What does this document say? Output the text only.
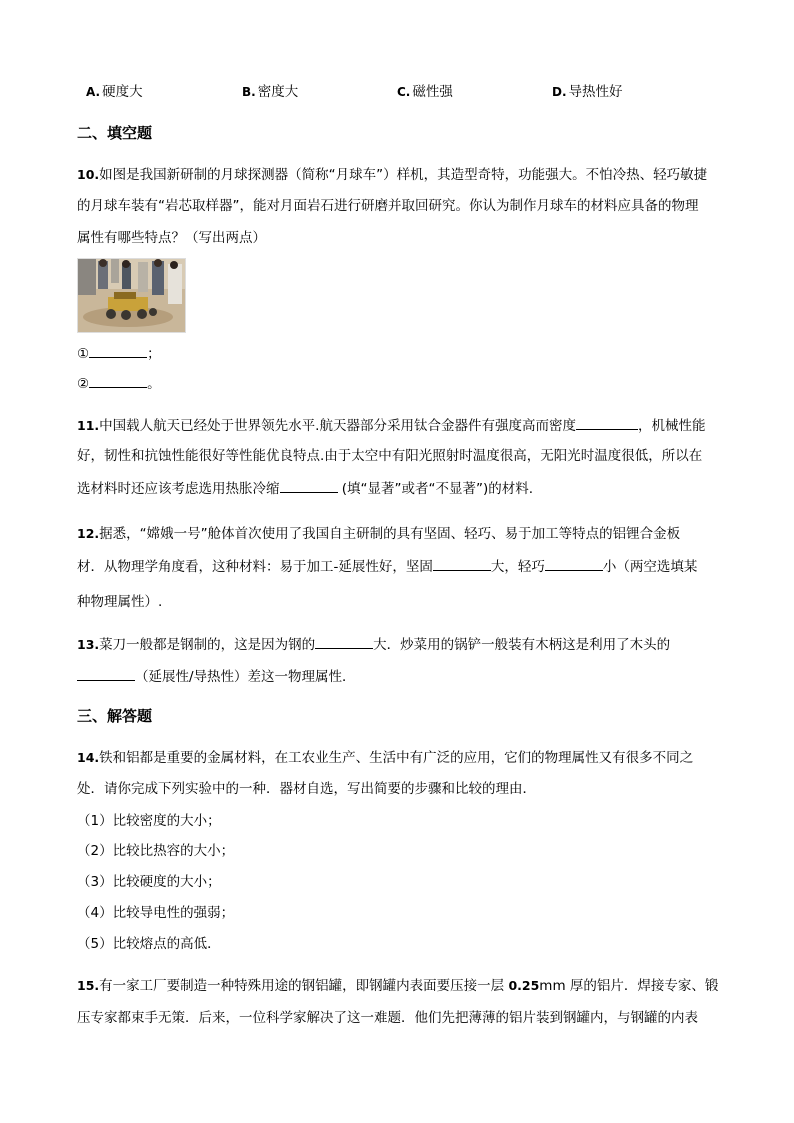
A. 硬度大	B. 密度大	C. 磁性强	D. 导热性好
二、填空题
10.如图是我国新研制的月球探测器（简称“月球车”）样机，其造型奇特，功能强大。不怕冷热、轻巧敏捷
的月球车装有“岩芯取样器”，能对月面岩石进行研磨并取回研究。你认为制作月球车的材料应具备的物理
属性有哪些特点？（写出两点）
①	；
②	。
11.中国载人航天已经处于世界领先水平.航天器部分采用钛合金器件有强度高而密度	，机械性能
好，韧性和抗蚀性能很好等性能优良特点.由于太空中有阳光照射时温度很高，无阳光时温度很低，所以在
选材料时还应该考虑选用热胀冷缩	(填“显著”或者“不显著”)的材料.
12.据悉，“嫦娥一号”舱体首次使用了我国自主研制的具有坚固、轻巧、易于加工等特点的铝锂合金板
材．从物理学角度看，这种材料：易于加工-延展性好，坚固	大，轻巧	小（两空选填某
种物理属性）.
13.菜刀一般都是钢制的，这是因为钢的	大．炒菜用的锅铲一般装有木柄这是利用了木头的
（延展性/导热性）差这一物理属性．
三、解答题
14.铁和铝都是重要的金属材料，在工农业生产、生活中有广泛的应用，它们的物理属性又有很多不同之
处．请你完成下列实验中的一种．器材自选，写出简要的步骤和比较的理由．
（1）比较密度的大小；
（2）比较比热容的大小；
（3）比较硬度的大小；
（4）比较导电性的强弱；
（5）比较熔点的高低．
15.有一家工厂要制造一种特殊用途的钢铝罐，即钢罐内表面要压接一层 0.25mm 厚的铝片．焊接专家、锻
压专家都束手无策．后来，一位科学家解决了这一难题．他们先把薄薄的铝片装到钢罐内，与钢罐的内表
